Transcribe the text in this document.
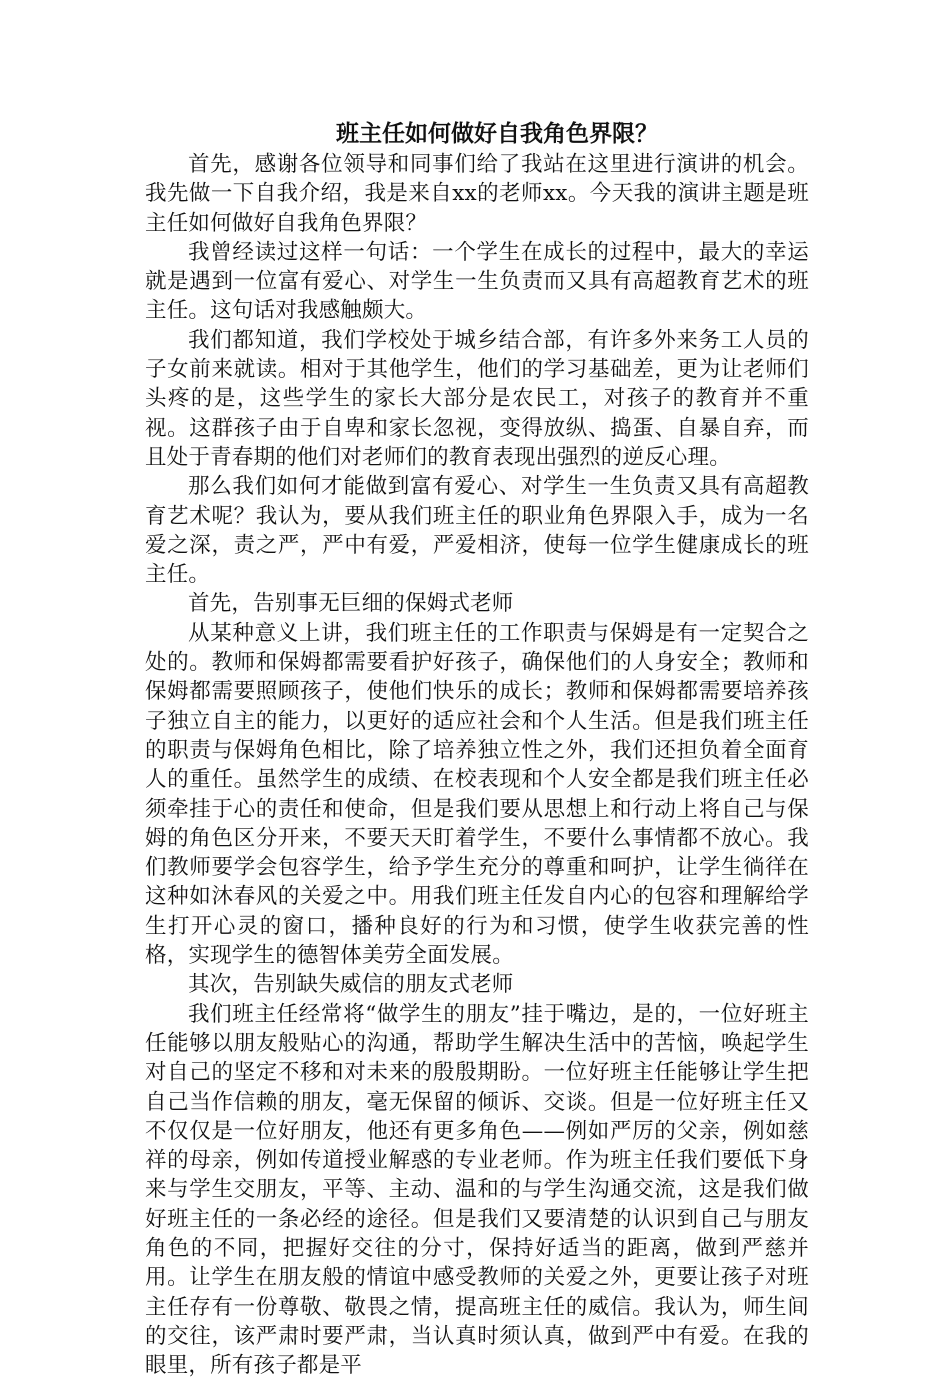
班主任如何做好自我角色界限？

首先，感谢各位领导和同事们给了我站在这里进行演讲的机会。我先做一下自我介绍，我是来自xx的老师xx。今天我的演讲主题是班主任如何做好自我角色界限？

我曾经读过这样一句话：一个学生在成长的过程中，最大的幸运就是遇到一位富有爱心、对学生一生负责而又具有高超教育艺术的班主任。这句话对我感触颇大。

我们都知道，我们学校处于城乡结合部，有许多外来务工人员的子女前来就读。相对于其他学生，他们的学习基础差，更为让老师们头疼的是，这些学生的家长大部分是农民工，对孩子的教育并不重视。这群孩子由于自卑和家长忽视，变得放纵、捣蛋、自暴自弃，而且处于青春期的他们对老师们的教育表现出强烈的逆反心理。

那么我们如何才能做到富有爱心、对学生一生负责又具有高超教育艺术呢？我认为，要从我们班主任的职业角色界限入手，成为一名爱之深，责之严，严中有爱，严爱相济，使每一位学生健康成长的班主任。

首先，告别事无巨细的保姆式老师

从某种意义上讲，我们班主任的工作职责与保姆是有一定契合之处的。教师和保姆都需要看护好孩子，确保他们的人身安全；教师和保姆都需要照顾孩子，使他们快乐的成长；教师和保姆都需要培养孩子独立自主的能力，以更好的适应社会和个人生活。但是我们班主任的职责与保姆角色相比，除了培养独立性之外，我们还担负着全面育人的重任。虽然学生的成绩、在校表现和个人安全都是我们班主任必须牵挂于心的责任和使命，但是我们要从思想上和行动上将自己与保姆的角色区分开来，不要天天盯着学生，不要什么事情都不放心。我们教师要学会包容学生，给予学生充分的尊重和呵护，让学生徜徉在这种如沐春风的关爱之中。用我们班主任发自内心的包容和理解给学生打开心灵的窗口，播种良好的行为和习惯，使学生收获完善的性格，实现学生的德智体美劳全面发展。

其次，告别缺失威信的朋友式老师

我们班主任经常将“做学生的朋友”挂于嘴边，是的，一位好班主任能够以朋友般贴心的沟通，帮助学生解决生活中的苦恼，唤起学生对自己的坚定不移和对未来的殷殷期盼。一位好班主任能够让学生把自己当作信赖的朋友，毫无保留的倾诉、交谈。但是一位好班主任又不仅仅是一位好朋友，他还有更多角色——例如严厉的父亲，例如慈祥的母亲，例如传道授业解惑的专业老师。作为班主任我们要低下身来与学生交朋友，平等、主动、温和的与学生沟通交流，这是我们做好班主任的一条必经的途径。但是我们又要清楚的认识到自己与朋友角色的不同，把握好交往的分寸，保持好适当的距离，做到严慈并用。让学生在朋友般的情谊中感受教师的关爱之外，更要让孩子对班主任存有一份尊敬、敬畏之情，提高班主任的威信。我认为，师生间的交往，该严肃时要严肃，当认真时须认真，做到严中有爱。在我的眼里，所有孩子都是平
